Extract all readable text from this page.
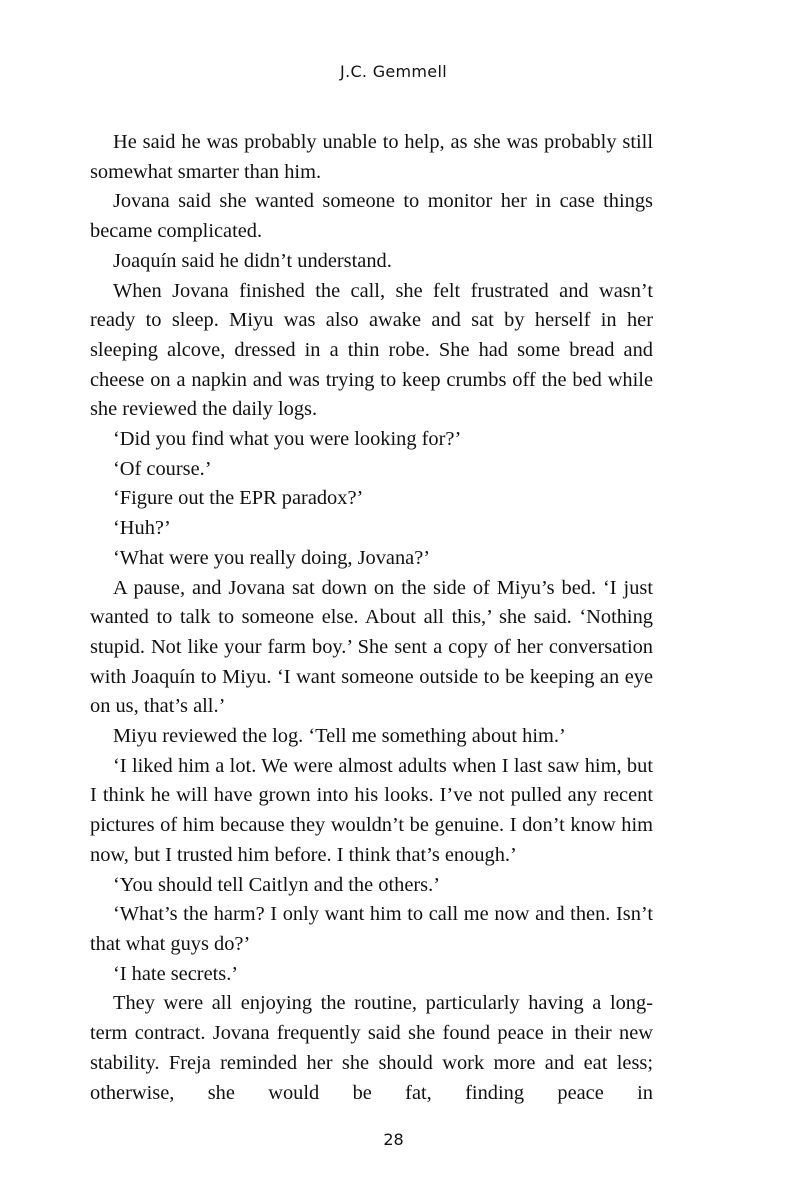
J.C. Gemmell

He said he was probably unable to help, as she was probably still somewhat smarter than him.

Jovana said she wanted someone to monitor her in case things became complicated.

Joaquín said he didn’t understand.

When Jovana finished the call, she felt frustrated and wasn’t ready to sleep. Miyu was also awake and sat by herself in her sleeping alcove, dressed in a thin robe. She had some bread and cheese on a napkin and was trying to keep crumbs off the bed while she reviewed the daily logs.

‘Did you find what you were looking for?’

‘Of course.’

‘Figure out the EPR paradox?’

‘Huh?’

‘What were you really doing, Jovana?’

A pause, and Jovana sat down on the side of Miyu’s bed. ‘I just wanted to talk to someone else. About all this,’ she said. ‘Nothing stupid. Not like your farm boy.’ She sent a copy of her conversation with Joaquín to Miyu. ‘I want someone outside to be keeping an eye on us, that’s all.’

Miyu reviewed the log. ‘Tell me something about him.’

‘I liked him a lot. We were almost adults when I last saw him, but I think he will have grown into his looks. I’ve not pulled any recent pictures of him because they wouldn’t be genuine. I don’t know him now, but I trusted him before. I think that’s enough.’

‘You should tell Caitlyn and the others.’

‘What’s the harm? I only want him to call me now and then. Isn’t that what guys do?’

‘I hate secrets.’

They were all enjoying the routine, particularly having a long-term contract. Jovana frequently said she found peace in their new stability. Freja reminded her she should work more and eat less; otherwise, she would be fat, finding peace in

28
